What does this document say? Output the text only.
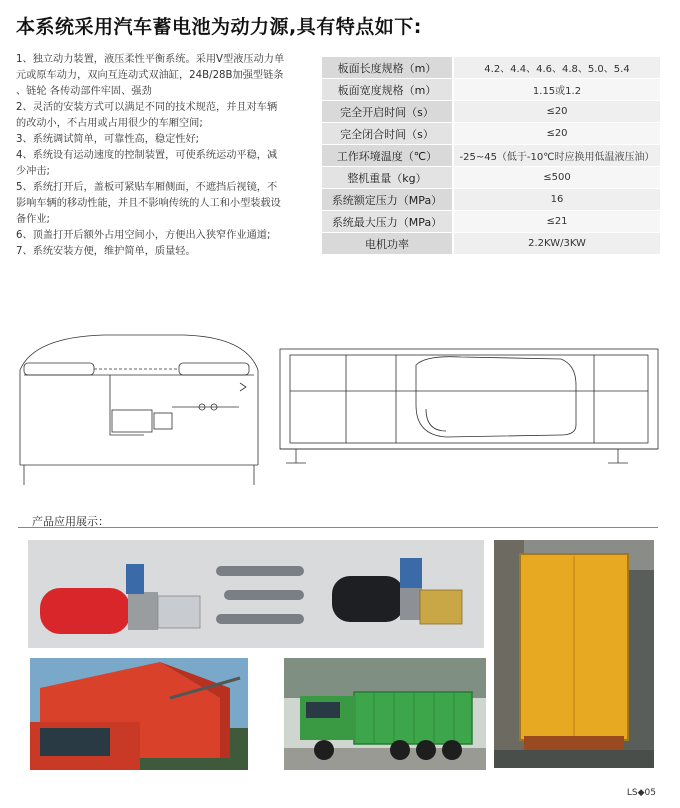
本系统采用汽车蓄电池为动力源,具有特点如下:

1、独立动力装置，液压柔性平衡系统。采用V型液压动力单

元或原车动力，双向互连动式双油缸，24B/28B加强型链条

、链轮 各传动部件牢固、强劲

2、灵活的安装方式可以满足不同的技术规范，并且对车辆

的改动小，不占用或占用很少的车厢空间;

3、系统调试简单，可靠性高，稳定性好;

4、系统设有运动速度的控制装置，可使系统运动平稳，减

少冲击;

5、系统打开后，盖板可紧贴车厢侧面，不遮挡后视镜，不

影响车辆的移动性能，并且不影响传统的人工和小型装载设

备作业;

6、顶盖打开后额外占用空间小，方便出入狭窄作业通道;

7、系统安装方便，维护简单，质量轻。

板面长度规格（m）	4.2、4.4、4.6、4.8、5.0、5.4
板面宽度规格（m）	1.15或1.2
完全开启时间（s）	≤20
完全闭合时间（s）	≤20
工作环境温度（℃）	-25~45（低于-10℃时应换用低温液压油）
整机重量（kg）	≤500
系统额定压力（MPa）	16
系统最大压力（MPa）	≤21
电机功率	2.2KW/3KW
产品应用展示：
LS◆05
